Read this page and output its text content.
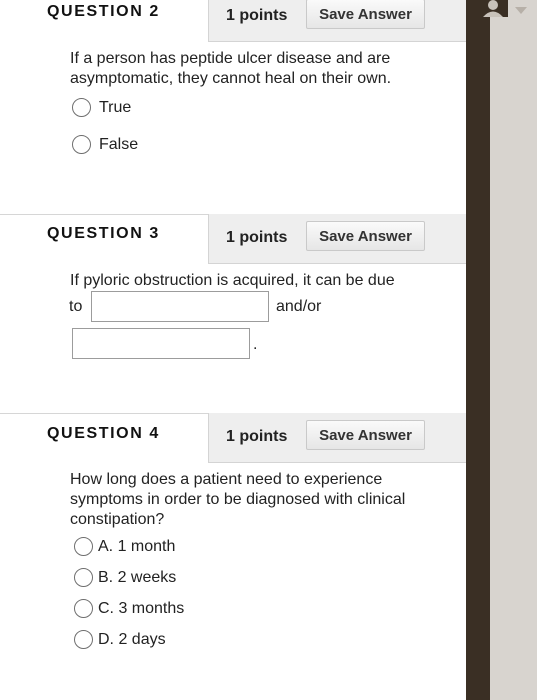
QUESTION 2	1 points	Save Answer

If a person has peptide ulcer disease and are asymptomatic, they cannot heal on their own.

True
False
QUESTION 3	1 points	Save Answer

If pyloric obstruction is acquired, it can be due

to	and/or
.
QUESTION 4	1 points	Save Answer

How long does a patient need to experience symptoms in order to be diagnosed with clinical constipation?

A. 1 month
B. 2 weeks
C. 3 months
D. 2 days
